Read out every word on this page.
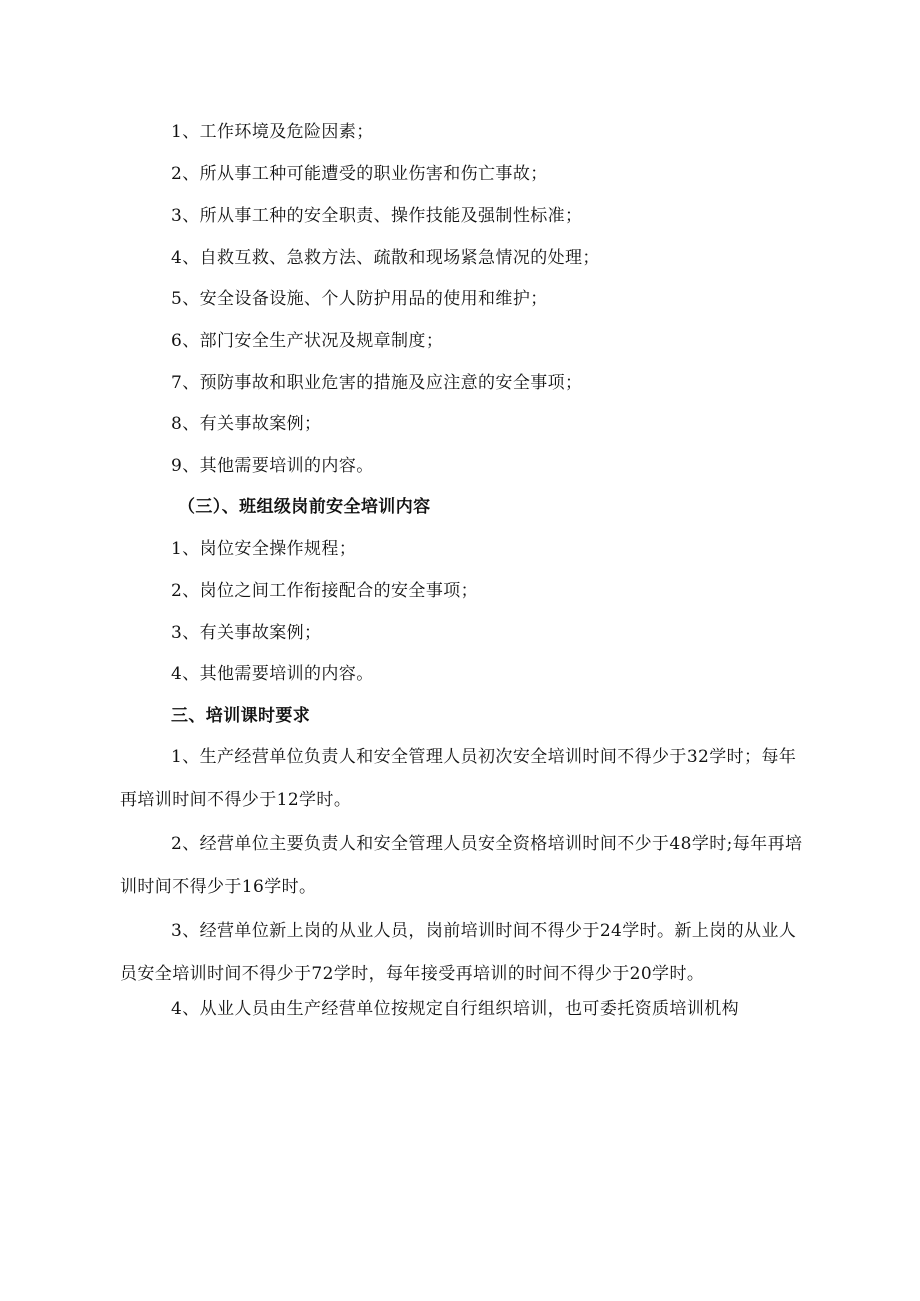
1、工作环境及危险因素；
2、所从事工种可能遭受的职业伤害和伤亡事故；
3、所从事工种的安全职责、操作技能及强制性标准；
4、自救互救、急救方法、疏散和现场紧急情况的处理；
5、安全设备设施、个人防护用品的使用和维护；
6、部门安全生产状况及规章制度；
7、预防事故和职业危害的措施及应注意的安全事项；
8、有关事故案例；
9、其他需要培训的内容。
（三）、班组级岗前安全培训内容
1、岗位安全操作规程；
2、岗位之间工作衔接配合的安全事项；
3、有关事故案例；
4、其他需要培训的内容。
三、培训课时要求
1、生产经营单位负责人和安全管理人员初次安全培训时间不得少于32学时；每年再培训时间不得少于12学时。
2、经营单位主要负责人和安全管理人员安全资格培训时间不少于48学时;每年再培训时间不得少于16学时。
3、经营单位新上岗的从业人员，岗前培训时间不得少于24学时。新上岗的从业人员安全培训时间不得少于72学时，每年接受再培训的时间不得少于20学时。
4、从业人员由生产经营单位按规定自行组织培训，也可委托资质培训机构
